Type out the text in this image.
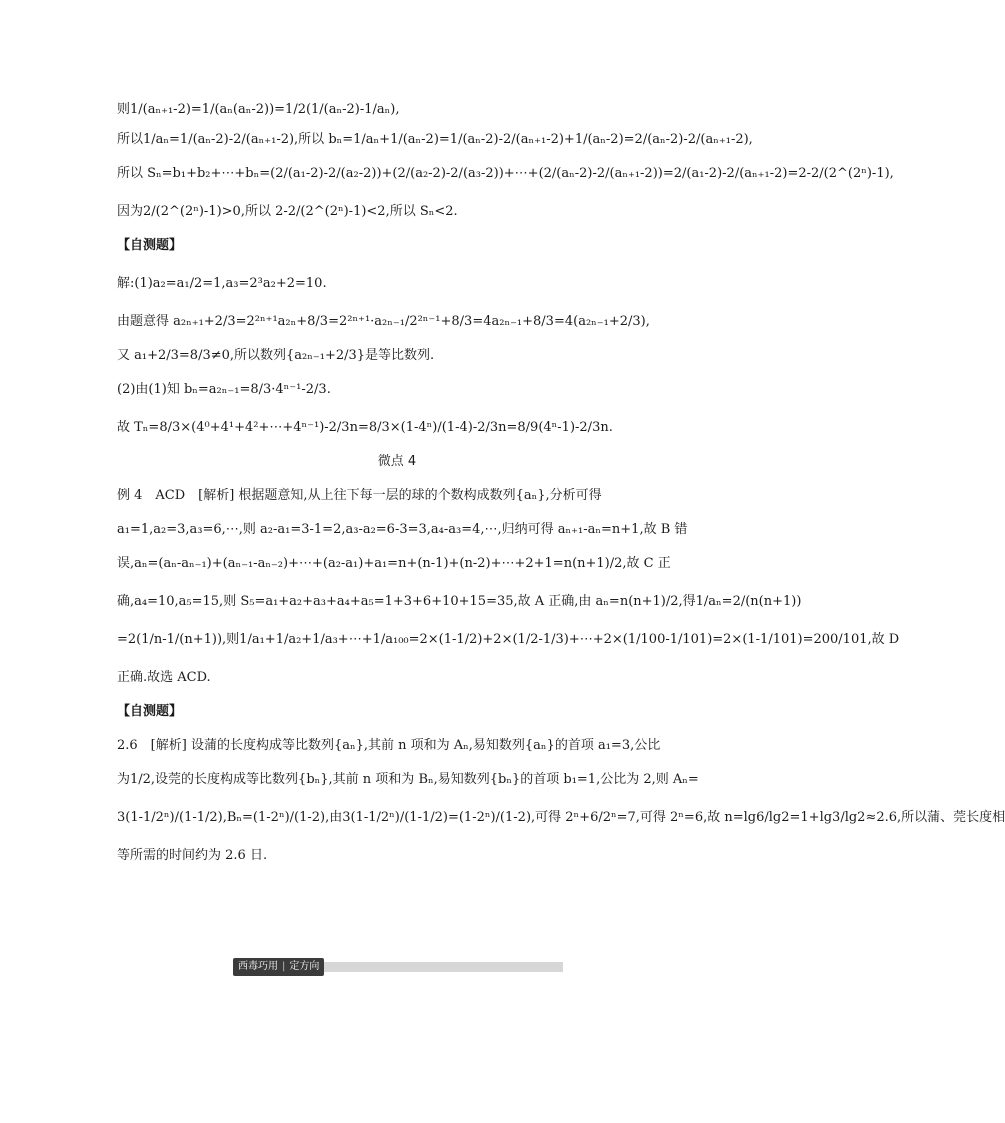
则1/(aₙ₊₁-2)=1/(aₙ(aₙ-2))=1/2(1/(aₙ-2)-1/aₙ),

所以1/aₙ=1/(aₙ-2)-2/(aₙ₊₁-2),所以 bₙ=1/aₙ+1/(aₙ-2)=1/(aₙ-2)-2/(aₙ₊₁-2)+1/(aₙ-2)=2/(aₙ-2)-2/(aₙ₊₁-2),

所以 Sₙ=b₁+b₂+⋯+bₙ=(2/(a₁-2)-2/(a₂-2))+(2/(a₂-2)-2/(a₃-2))+⋯+(2/(aₙ-2)-2/(aₙ₊₁-2))=2/(a₁-2)-2/(aₙ₊₁-2)=2-2/(2^(2ⁿ)-1),

因为2/(2^(2ⁿ)-1)>0,所以 2-2/(2^(2ⁿ)-1)<2,所以 Sₙ<2.

【自测题】

解:(1)a₂=a₁/2=1,a₃=2³a₂+2=10.

由题意得 a₂ₙ₊₁+2/3=2²ⁿ⁺¹a₂ₙ+8/3=2²ⁿ⁺¹·a₂ₙ₋₁/2²ⁿ⁻¹+8/3=4a₂ₙ₋₁+8/3=4(a₂ₙ₋₁+2/3),

又 a₁+2/3=8/3≠0,所以数列{a₂ₙ₋₁+2/3}是等比数列.

(2)由(1)知 bₙ=a₂ₙ₋₁=8/3·4ⁿ⁻¹-2/3.

故 Tₙ=8/3×(4⁰+4¹+4²+⋯+4ⁿ⁻¹)-2/3n=8/3×(1-4ⁿ)/(1-4)-2/3n=8/9(4ⁿ-1)-2/3n.

微点 4

例 4　ACD　[解析] 根据题意知,从上往下每一层的球的个数构成数列{aₙ},分析可得

a₁=1,a₂=3,a₃=6,⋯,则 a₂-a₁=3-1=2,a₃-a₂=6-3=3,a₄-a₃=4,⋯,归纳可得 aₙ₊₁-aₙ=n+1,故 B 错

误,aₙ=(aₙ-aₙ₋₁)+(aₙ₋₁-aₙ₋₂)+⋯+(a₂-a₁)+a₁=n+(n-1)+(n-2)+⋯+2+1=n(n+1)/2,故 C 正

确,a₄=10,a₅=15,则 S₅=a₁+a₂+a₃+a₄+a₅=1+3+6+10+15=35,故 A 正确,由 aₙ=n(n+1)/2,得1/aₙ=2/(n(n+1))

=2(1/n-1/(n+1)),则1/a₁+1/a₂+1/a₃+⋯+1/a₁₀₀=2×(1-1/2)+2×(1/2-1/3)+⋯+2×(1/100-1/101)=2×(1-1/101)=200/101,故 D

正确.故选 ACD.

【自测题】

2.6　[解析] 设蒲的长度构成等比数列{aₙ},其前 n 项和为 Aₙ,易知数列{aₙ}的首项 a₁=3,公比

为1/2,设莞的长度构成等比数列{bₙ},其前 n 项和为 Bₙ,易知数列{bₙ}的首项 b₁=1,公比为 2,则 Aₙ=

3(1-1/2ⁿ)/(1-1/2),Bₙ=(1-2ⁿ)/(1-2),由3(1-1/2ⁿ)/(1-1/2)=(1-2ⁿ)/(1-2),可得 2ⁿ+6/2ⁿ=7,可得 2ⁿ=6,故 n=lg6/lg2=1+lg3/lg2≈2.6,所以蒲、莞长度相

等所需的时间约为 2.6 日.

西毒巧用 | 定方向
